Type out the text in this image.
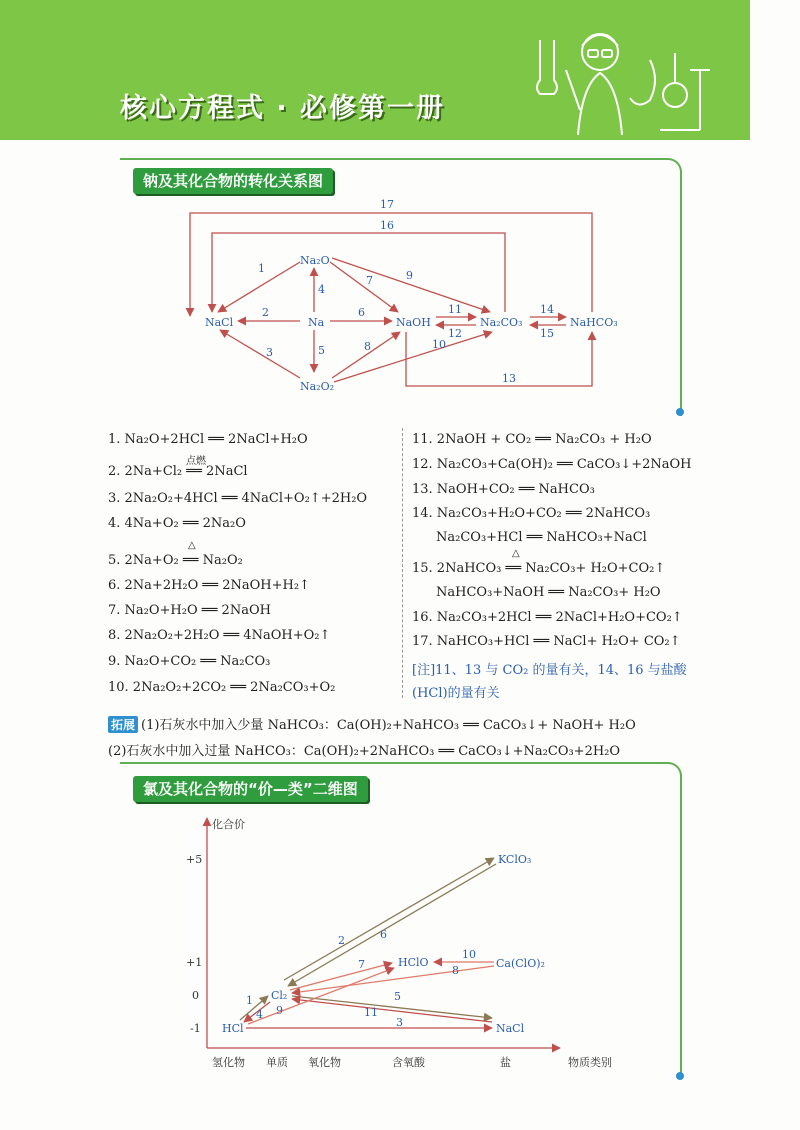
核心方程式 · 必修第一册
钠及其化合物的转化关系图
Na₂O
NaCl	Na	NaOH	Na₂CO₃	NaHCO₃
Na₂O₂
17
16
1
2
3
4
5
6
7
8
9
10
11
12
13
14
15
1. Na₂O+2HCl ══ 2NaCl+H₂O
点燃
2. 2Na+Cl₂ ══ 2NaCl
3. 2Na₂O₂+4HCl ══ 4NaCl+O₂↑+2H₂O
4. 4Na+O₂ ══ 2Na₂O
△
5. 2Na+O₂ ══ Na₂O₂
6. 2Na+2H₂O ══ 2NaOH+H₂↑
7. Na₂O+H₂O ══ 2NaOH
8. 2Na₂O₂+2H₂O ══ 4NaOH+O₂↑
9. Na₂O+CO₂ ══ Na₂CO₃
10. 2Na₂O₂+2CO₂ ══ 2Na₂CO₃+O₂
11. 2NaOH + CO₂ ══ Na₂CO₃ + H₂O
12. Na₂CO₃+Ca(OH)₂ ══ CaCO₃↓+2NaOH
13. NaOH+CO₂ ══ NaHCO₃
14. Na₂CO₃+H₂O+CO₂ ══ 2NaHCO₃
Na₂CO₃+HCl ══ NaHCO₃+NaCl
△
15. 2NaHCO₃ ══ Na₂CO₃+ H₂O+CO₂↑
NaHCO₃+NaOH ══ Na₂CO₃+ H₂O
16. Na₂CO₃+2HCl ══ 2NaCl+H₂O+CO₂↑
17. NaHCO₃+HCl ══ NaCl+ H₂O+ CO₂↑
[注]11、13 与 CO₂ 的量有关，14、16 与盐酸
(HCl)的量有关
拓展 (1)石灰水中加入少量 NaHCO₃：Ca(OH)₂+NaHCO₃ ══ CaCO₃↓+ NaOH+ H₂O
(2)石灰水中加入过量 NaHCO₃：Ca(OH)₂+2NaHCO₃ ══ CaCO₃↓+Na₂CO₃+2H₂O
氯及其化合物的“价—类”二维图
化合价
物质类别
+5
+1
0
-1
氢化物 单质 氧化物	含氧酸	盐
KClO₃
HClO	Ca(ClO)₂
Cl₂
HCl	NaCl
2	6
7	8
10
5
11
3
1
4 9
